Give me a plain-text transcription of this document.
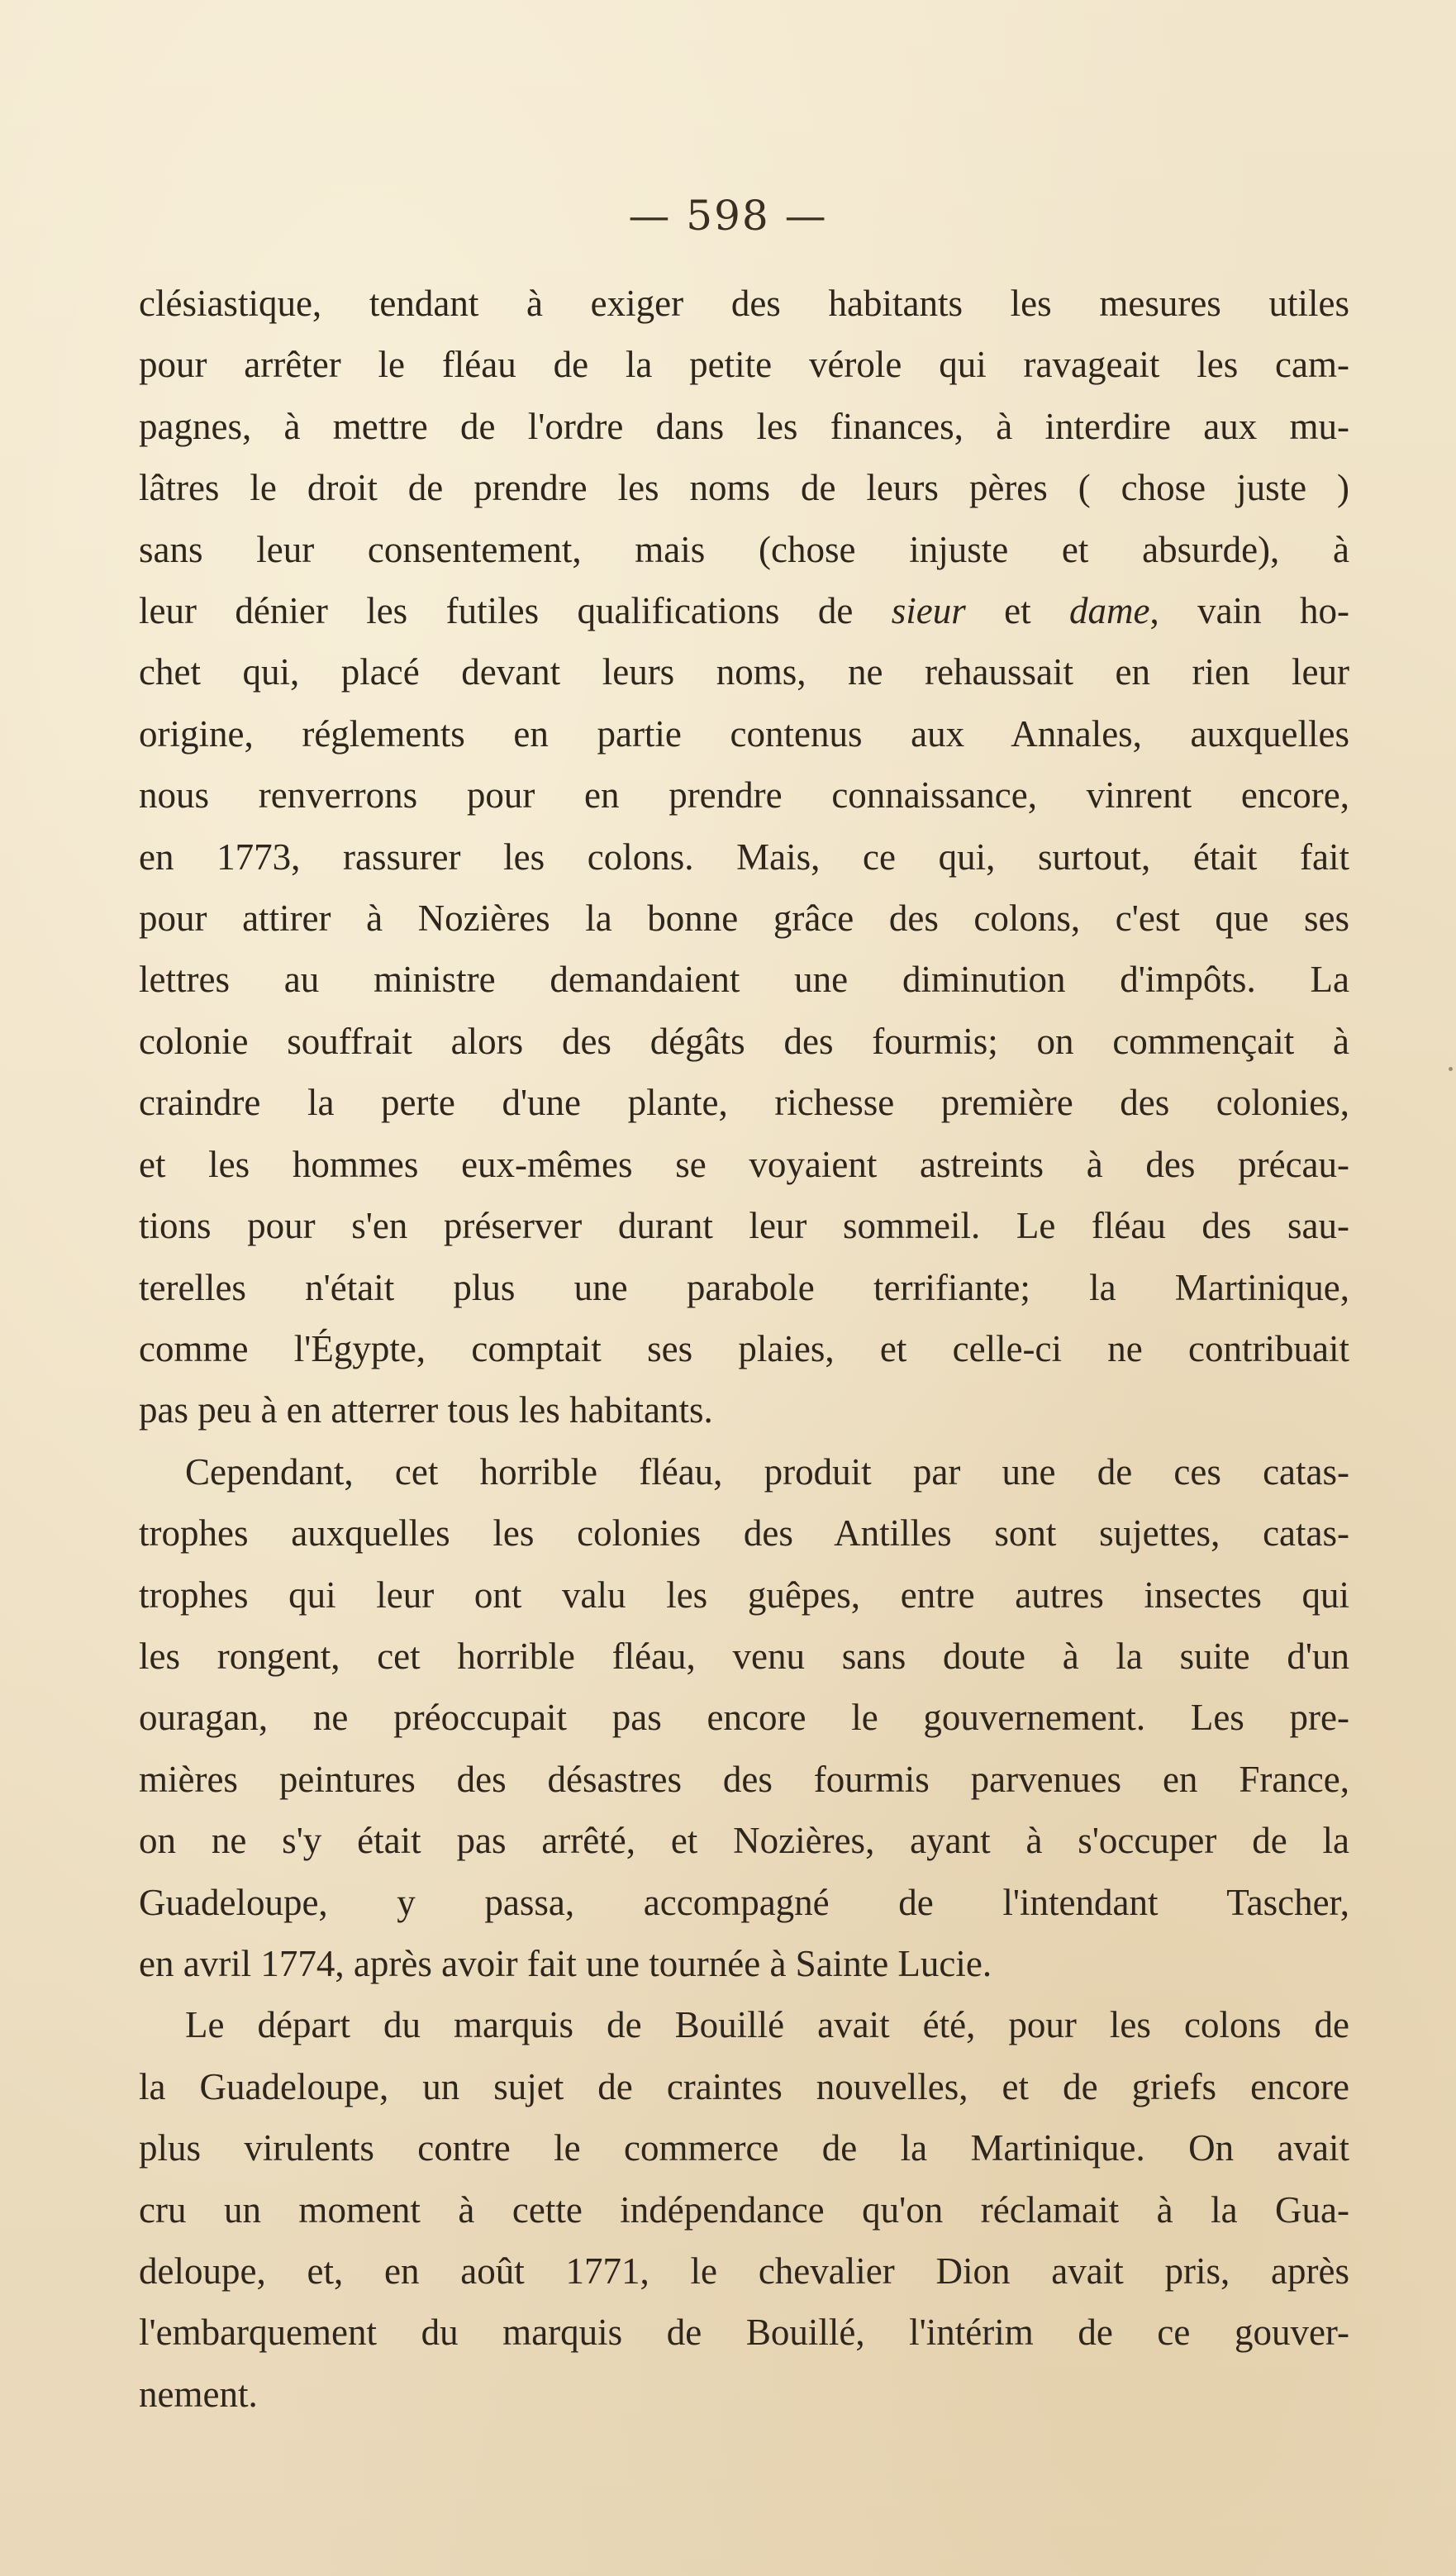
— 598 —
clésiastique, tendant à exiger des habitants les mesures utiles
pour arrêter le fléau de la petite vérole qui ravageait les cam-
pagnes, à mettre de l'ordre dans les finances, à interdire aux mu-
lâtres le droit de prendre les noms de leurs pères ( chose juste )
sans leur consentement, mais (chose injuste et absurde), à
leur dénier les futiles qualifications de sieur et dame, vain ho-
chet qui, placé devant leurs noms, ne rehaussait en rien leur
origine, réglements en partie contenus aux Annales, auxquelles
nous renverrons pour en prendre connaissance, vinrent encore,
en 1773, rassurer les colons. Mais, ce qui, surtout, était fait
pour attirer à Nozières la bonne grâce des colons, c'est que ses
lettres au ministre demandaient une diminution d'impôts. La
colonie souffrait alors des dégâts des fourmis; on commençait à
craindre la perte d'une plante, richesse première des colonies,
et les hommes eux-mêmes se voyaient astreints à des précau-
tions pour s'en préserver durant leur sommeil. Le fléau des sau-
terelles n'était plus une parabole terrifiante; la Martinique,
comme l'Égypte, comptait ses plaies, et celle-ci ne contribuait
pas peu à en atterrer tous les habitants.
Cependant, cet horrible fléau, produit par une de ces catas-
trophes auxquelles les colonies des Antilles sont sujettes, catas-
trophes qui leur ont valu les guêpes, entre autres insectes qui
les rongent, cet horrible fléau, venu sans doute à la suite d'un
ouragan, ne préoccupait pas encore le gouvernement. Les pre-
mières peintures des désastres des fourmis parvenues en France,
on ne s'y était pas arrêté, et Nozières, ayant à s'occuper de la
Guadeloupe, y passa, accompagné de l'intendant Tascher,
en avril 1774, après avoir fait une tournée à Sainte Lucie.
Le départ du marquis de Bouillé avait été, pour les colons de
la Guadeloupe, un sujet de craintes nouvelles, et de griefs encore
plus virulents contre le commerce de la Martinique. On avait
cru un moment à cette indépendance qu'on réclamait à la Gua-
deloupe, et, en août 1771, le chevalier Dion avait pris, après
l'embarquement du marquis de Bouillé, l'intérim de ce gouver-
nement.
